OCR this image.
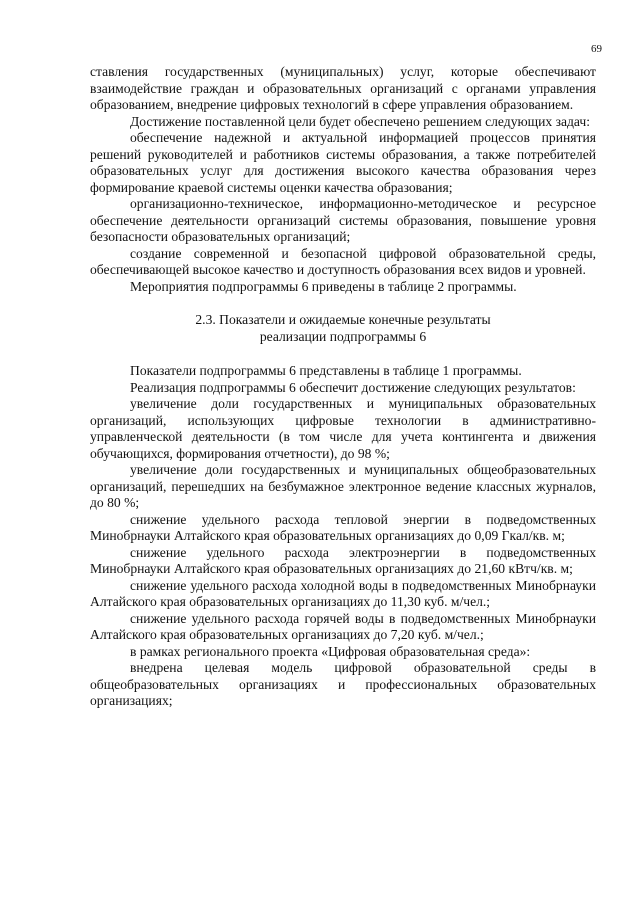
69

ставления государственных (муниципальных) услуг, которые обеспечивают взаимодействие граждан и образовательных организаций с органами управления образованием, внедрение цифровых технологий в сфере управления образованием.

Достижение поставленной цели будет обеспечено решением следующих задач:

обеспечение надежной и актуальной информацией процессов принятия решений руководителей и работников системы образования, а также потребителей образовательных услуг для достижения высокого качества образования через формирование краевой системы оценки качества образования;

организационно-техническое, информационно-методическое и ресурсное обеспечение деятельности организаций системы образования, повышение уровня безопасности образовательных организаций;

создание современной и безопасной цифровой образовательной среды, обеспечивающей высокое качество и доступность образования всех видов и уровней.

Мероприятия подпрограммы 6 приведены в таблице 2 программы.

2.3. Показатели и ожидаемые конечные результаты
реализации подпрограммы 6

Показатели подпрограммы 6 представлены в таблице 1 программы.

Реализация подпрограммы 6 обеспечит достижение следующих результатов:

увеличение доли государственных и муниципальных образовательных организаций, использующих цифровые технологии в административно-управленческой деятельности (в том числе для учета контингента и движения обучающихся, формирования отчетности), до 98 %;

увеличение доли государственных и муниципальных общеобразовательных организаций, перешедших на безбумажное электронное ведение классных журналов, до 80 %;

снижение удельного расхода тепловой энергии в подведомственных Минобрнауки Алтайского края образовательных организациях до 0,09 Гкал/кв. м;

снижение удельного расхода электроэнергии в подведомственных Минобрнауки Алтайского края образовательных организациях до 21,60 кВтч/кв. м;

снижение удельного расхода холодной воды в подведомственных Минобрнауки Алтайского края образовательных организациях до 11,30 куб. м/чел.;

снижение удельного расхода горячей воды в подведомственных Минобрнауки Алтайского края образовательных организациях до 7,20 куб. м/чел.;

в рамках регионального проекта «Цифровая образовательная среда»:

внедрена целевая модель цифровой образовательной среды в общеобразовательных организациях и профессиональных образовательных организациях;
